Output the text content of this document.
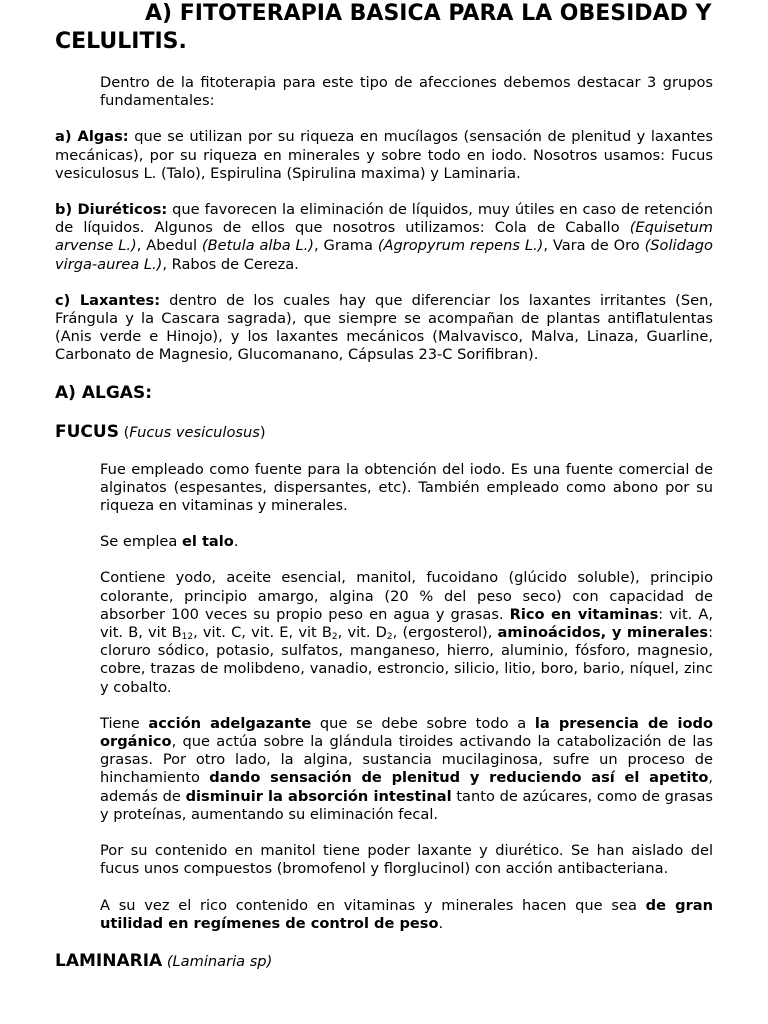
A) FITOTERAPIA BASICA PARA LA OBESIDAD Y
CELULITIS.

Dentro de la fitoterapia para este tipo de afecciones debemos destacar 3 grupos fundamentales:

a) Algas: que se utilizan por su riqueza en mucílagos (sensación de plenitud y laxantes mecánicas), por su riqueza en minerales y sobre todo en iodo. Nosotros usamos: Fucus vesiculosus L. (Talo), Espirulina (Spirulina maxima) y Laminaria.

b) Diuréticos: que favorecen la eliminación de líquidos, muy útiles en caso de retención de líquidos. Algunos de ellos que nosotros utilizamos: Cola de Caballo (Equisetum arvense L.), Abedul (Betula alba L.), Grama (Agropyrum repens L.), Vara de Oro (Solidago virga-aurea L.), Rabos de Cereza.

c) Laxantes: dentro de los cuales hay que diferenciar los laxantes irritantes (Sen, Frángula y la Cascara sagrada), que siempre se acompañan de plantas antiflatulentas (Anis verde e Hinojo), y los laxantes mecánicos (Malvavisco, Malva, Linaza, Guarline, Carbonato de Magnesio, Glucomanano, Cápsulas 23-C Sorifibran).

A) ALGAS:
FUCUS (Fucus vesiculosus)

Fue empleado como fuente para la obtención del iodo. Es una fuente comercial de alginatos (espesantes, dispersantes, etc). También empleado como abono por su riqueza en vitaminas y minerales.

Se emplea el talo.

Contiene yodo, aceite esencial, manitol, fucoidano (glúcido soluble), principio colorante, principio amargo, algina (20 % del peso seco) con capacidad de absorber 100 veces su propio peso en agua y grasas. Rico en vitaminas: vit. A, vit. B, vit $B_{12}$, vit. C, vit. E, vit $B_2$, vit. $D_2$, (ergosterol), aminoácidos, y minerales: cloruro sódico, potasio, sulfatos, manganeso, hierro, aluminio, fósforo, magnesio, cobre, trazas de molibdeno, vanadio, estroncio, silicio, litio, boro, bario, níquel, zinc y cobalto.

Tiene acción adelgazante que se debe sobre todo a la presencia de iodo orgánico, que actúa sobre la glándula tiroides activando la catabolización de las grasas. Por otro lado, la algina, sustancia mucilaginosa, sufre un proceso de hinchamiento dando sensación de plenitud y reduciendo así el apetito, además de disminuir la absorción intestinal tanto de azúcares, como de grasas y proteínas, aumentando su eliminación fecal.

Por su contenido en manitol tiene poder laxante y diurético. Se han aislado del fucus unos compuestos (bromofenol y florglucinol) con acción antibacteriana.

A su vez el rico contenido en vitaminas y minerales hacen que sea de gran utilidad en regímenes de control de peso.

LAMINARIA (Laminaria sp)
